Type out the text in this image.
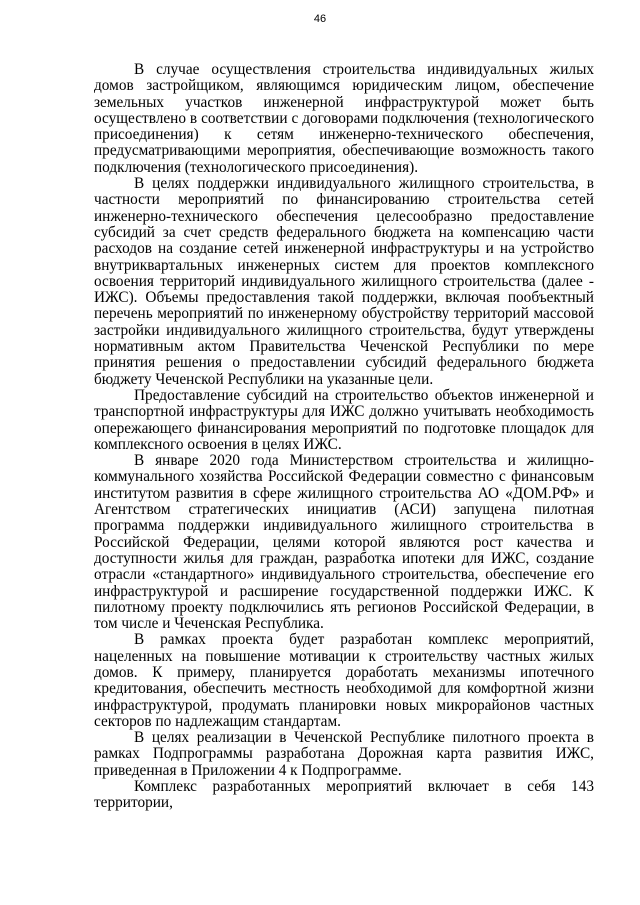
46

В случае осуществления строительства индивидуальных жилых домов застройщиком, являющимся юридическим лицом, обеспечение земельных участков инженерной инфраструктурой может быть осуществлено в соответствии с договорами подключения (технологического присоединения) к сетям инженерно-технического обеспечения, предусматривающими мероприятия, обеспечивающие возможность такого подключения (технологического присоединения).

В целях поддержки индивидуального жилищного строительства, в частности мероприятий по финансированию строительства сетей инженерно-технического обеспечения целесообразно предоставление субсидий за счет средств федерального бюджета на компенсацию части расходов на создание сетей инженерной инфраструктуры и на устройство внутриквартальных инженерных систем для проектов комплексного освоения территорий индивидуального жилищного строительства (далее - ИЖС). Объемы предоставления такой поддержки, включая пообъектный перечень мероприятий по инженерному обустройству территорий массовой застройки индивидуального жилищного строительства, будут утверждены нормативным актом Правительства Чеченской Республики по мере принятия решения о предоставлении субсидий федерального бюджета бюджету Чеченской Республики на указанные цели.

Предоставление субсидий на строительство объектов инженерной и транспортной инфраструктуры для ИЖС должно учитывать необходимость опережающего финансирования мероприятий по подготовке площадок для комплексного освоения в целях ИЖС.

В январе 2020 года Министерством строительства и жилищно-коммунального хозяйства Российской Федерации совместно с финансовым институтом развития в сфере жилищного строительства АО «ДОМ.РФ» и Агентством стратегических инициатив (АСИ) запущена пилотная программа поддержки индивидуального жилищного строительства в Российской Федерации, целями которой являются рост качества и доступности жилья для граждан, разработка ипотеки для ИЖС, создание отрасли «стандартного» индивидуального строительства, обеспечение его инфраструктурой и расширение государственной поддержки ИЖС. К пилотному проекту подключились ять регионов Российской Федерации, в том числе и Чеченская Республика.

В рамках проекта будет разработан комплекс мероприятий, нацеленных на повышение мотивации к строительству частных жилых домов. К примеру, планируется доработать механизмы ипотечного кредитования, обеспечить местность необходимой для комфортной жизни инфраструктурой, продумать планировки новых микрорайонов частных секторов по надлежащим стандартам.

В целях реализации в Чеченской Республике пилотного проекта в рамках Подпрограммы разработана Дорожная карта развития ИЖС, приведенная в Приложении 4 к Подпрограмме.

Комплекс разработанных мероприятий включает в себя 143 территории,
